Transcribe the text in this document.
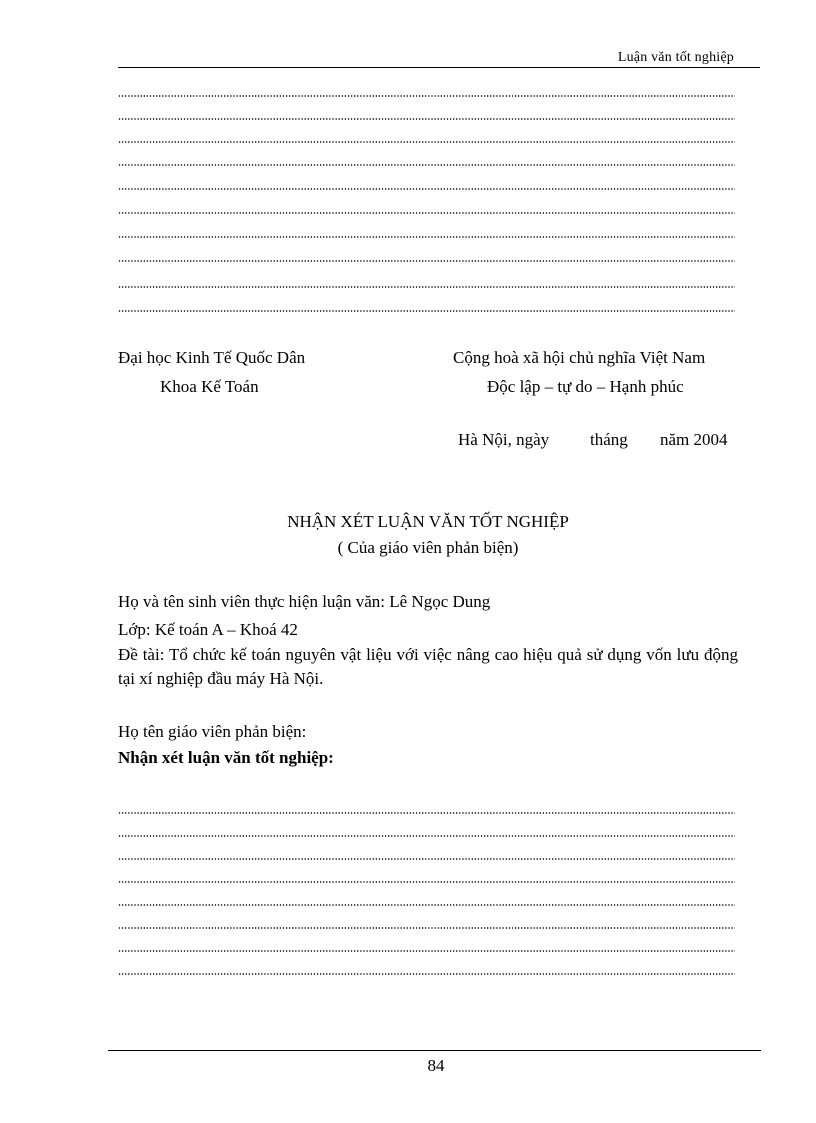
Luận văn tốt nghiệp
Đại học Kinh Tế Quốc Dân
Khoa Kế Toán
Cộng hoà xã hội chủ nghĩa Việt Nam
Độc lập – tự do – Hạnh phúc
Hà Nội, ngày tháng năm 2004
NHẬN XÉT LUẬN VĂN TỐT NGHIỆP
( Của giáo viên phản biện)
Họ và tên sinh viên thực hiện luận văn: Lê Ngọc Dung
Lớp: Kế toán A – Khoá 42
Đề tài: Tổ chức kế toán nguyên vật liệu với việc nâng cao hiệu quả sử dụng vốn lưu động tại xí nghiệp đầu máy Hà Nội.
Họ tên giáo viên phản biện:
Nhận xét luận văn tốt nghiệp:
84
